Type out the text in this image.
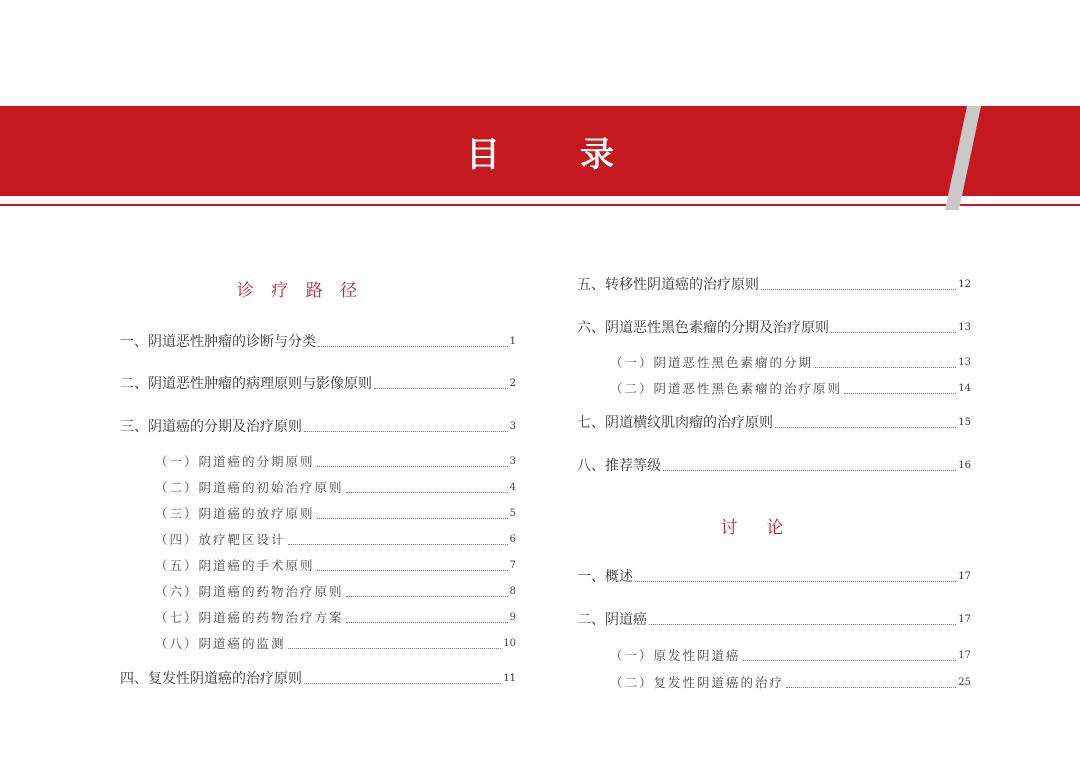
目 录
诊 疗 路 径
一、阴道恶性肿瘤的诊断与分类	1
二、阴道恶性肿瘤的病理原则与影像原则	2
三、阴道癌的分期及治疗原则	3
（一）阴道癌的分期原则	3
（二）阴道癌的初始治疗原则	4
（三）阴道癌的放疗原则	5
（四）放疗靶区设计	6
（五）阴道癌的手术原则	7
（六）阴道癌的药物治疗原则	8
（七）阴道癌的药物治疗方案	9
（八）阴道癌的监测	10
四、复发性阴道癌的治疗原则	11
五、转移性阴道癌的治疗原则	12
六、阴道恶性黑色素瘤的分期及治疗原则	13
（一）阴道恶性黑色素瘤的分期	13
（二）阴道恶性黑色素瘤的治疗原则	14
七、阴道横纹肌肉瘤的治疗原则	15
八、推荐等级	16
讨　论
一、概述	17
二、阴道癌	17
（一）原发性阴道癌	17
（二）复发性阴道癌的治疗	25
